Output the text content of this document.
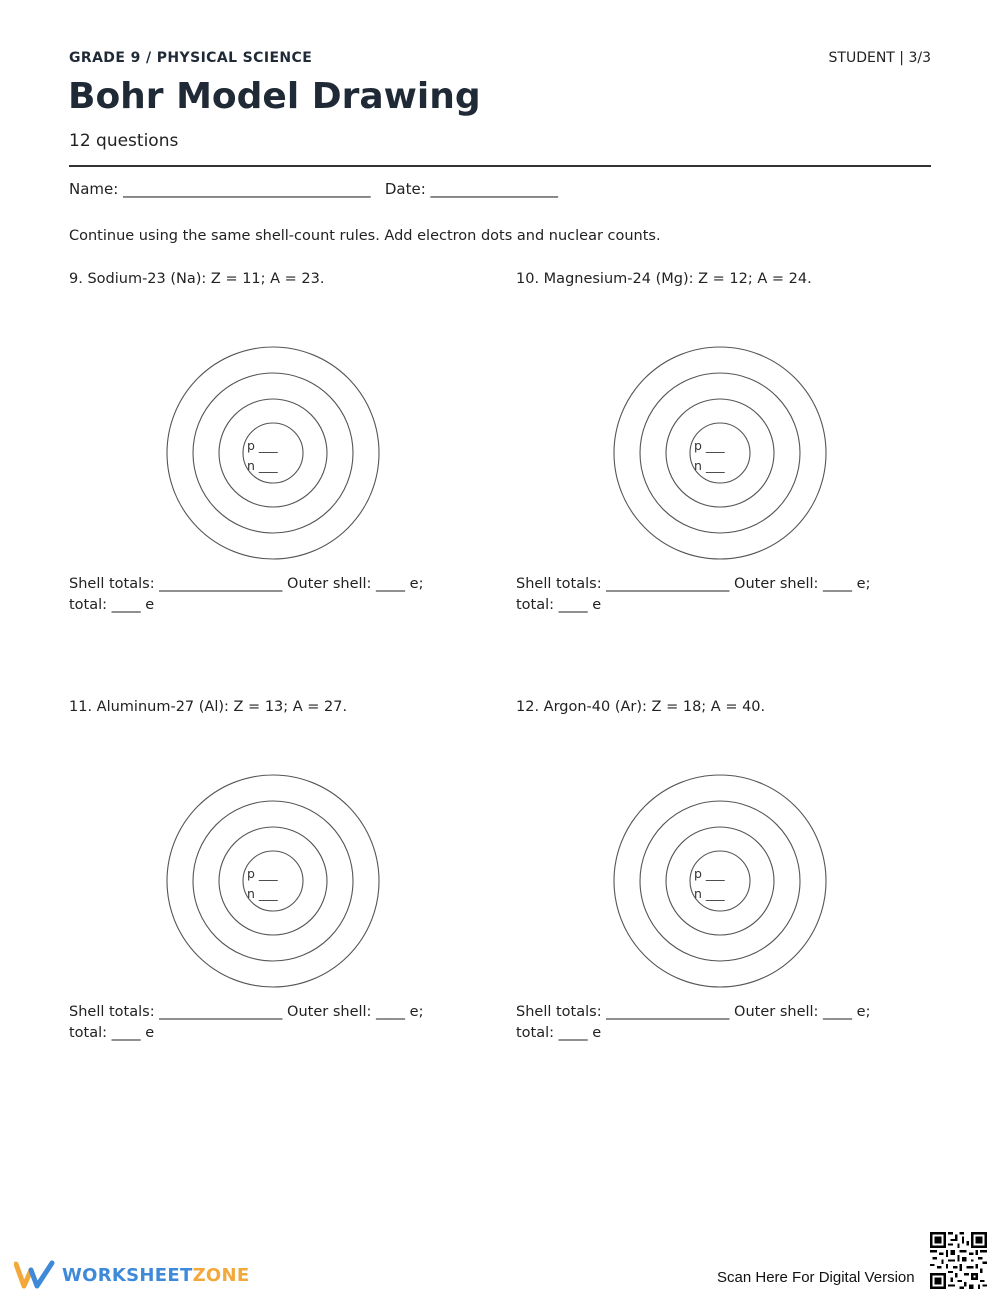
GRADE 9 / PHYSICAL SCIENCE	STUDENT | 3/3
Bohr Model Drawing
12 questions
Name: _________________________________   Date: _________________
Continue using the same shell-count rules. Add electron dots and nuclear counts.
9. Sodium-23 (Na): Z = 11; A = 23.
p ___
n ___
Shell totals: _________________ Outer shell: ____ e;
total: ____ e
10. Magnesium-24 (Mg): Z = 12; A = 24.
p ___
n ___
Shell totals: _________________ Outer shell: ____ e;
total: ____ e
11. Aluminum-27 (Al): Z = 13; A = 27.
p ___
n ___
Shell totals: _________________ Outer shell: ____ e;
total: ____ e
12. Argon-40 (Ar): Z = 18; A = 40.
p ___
n ___
Shell totals: _________________ Outer shell: ____ e;
total: ____ e
WORKSHEETZONE	Scan Here For Digital Version
